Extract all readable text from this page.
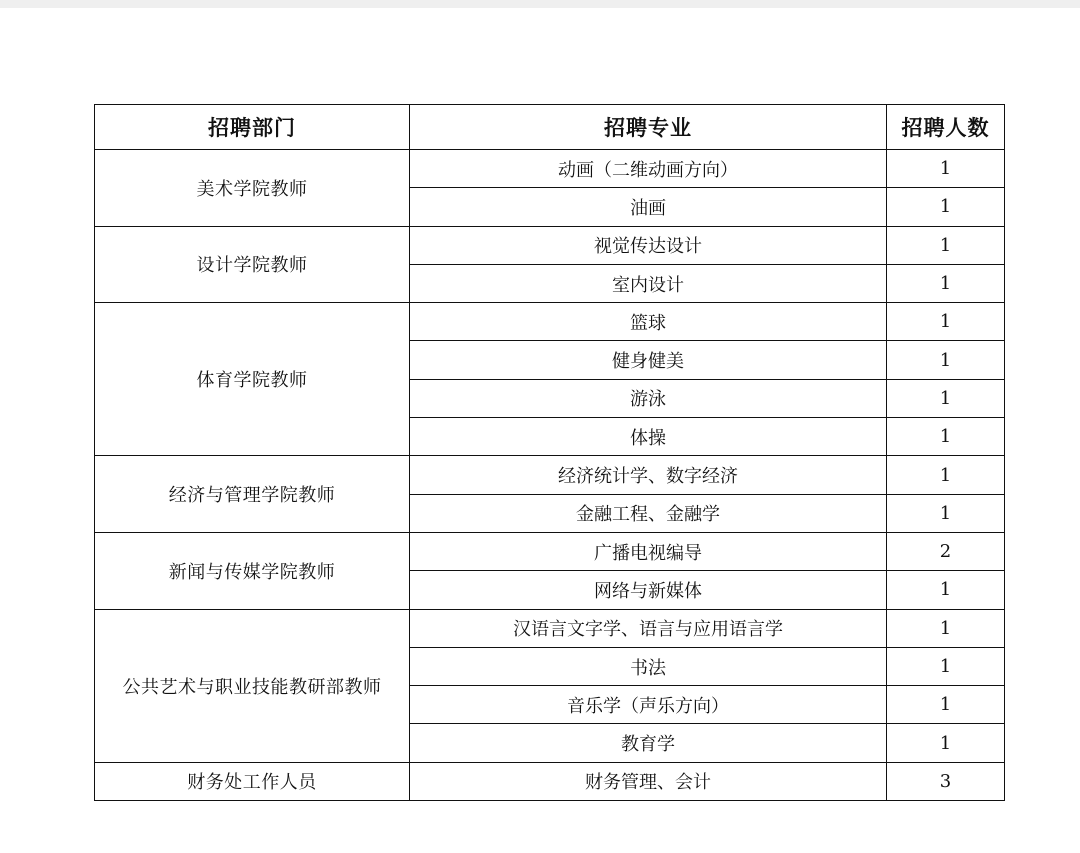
招聘部门	招聘专业	招聘人数
美术学院教师	动画（二维动画方向）	1
	油画	1
设计学院教师	视觉传达设计	1
	室内设计	1
体育学院教师	篮球	1
	健身健美	1
	游泳	1
	体操	1
经济与管理学院教师	经济统计学、数字经济	1
	金融工程、金融学	1
新闻与传媒学院教师	广播电视编导	2
	网络与新媒体	1
公共艺术与职业技能教研部教师	汉语言文字学、语言与应用语言学	1
	书法	1
	音乐学（声乐方向）	1
	教育学	1
财务处工作人员	财务管理、会计	3
